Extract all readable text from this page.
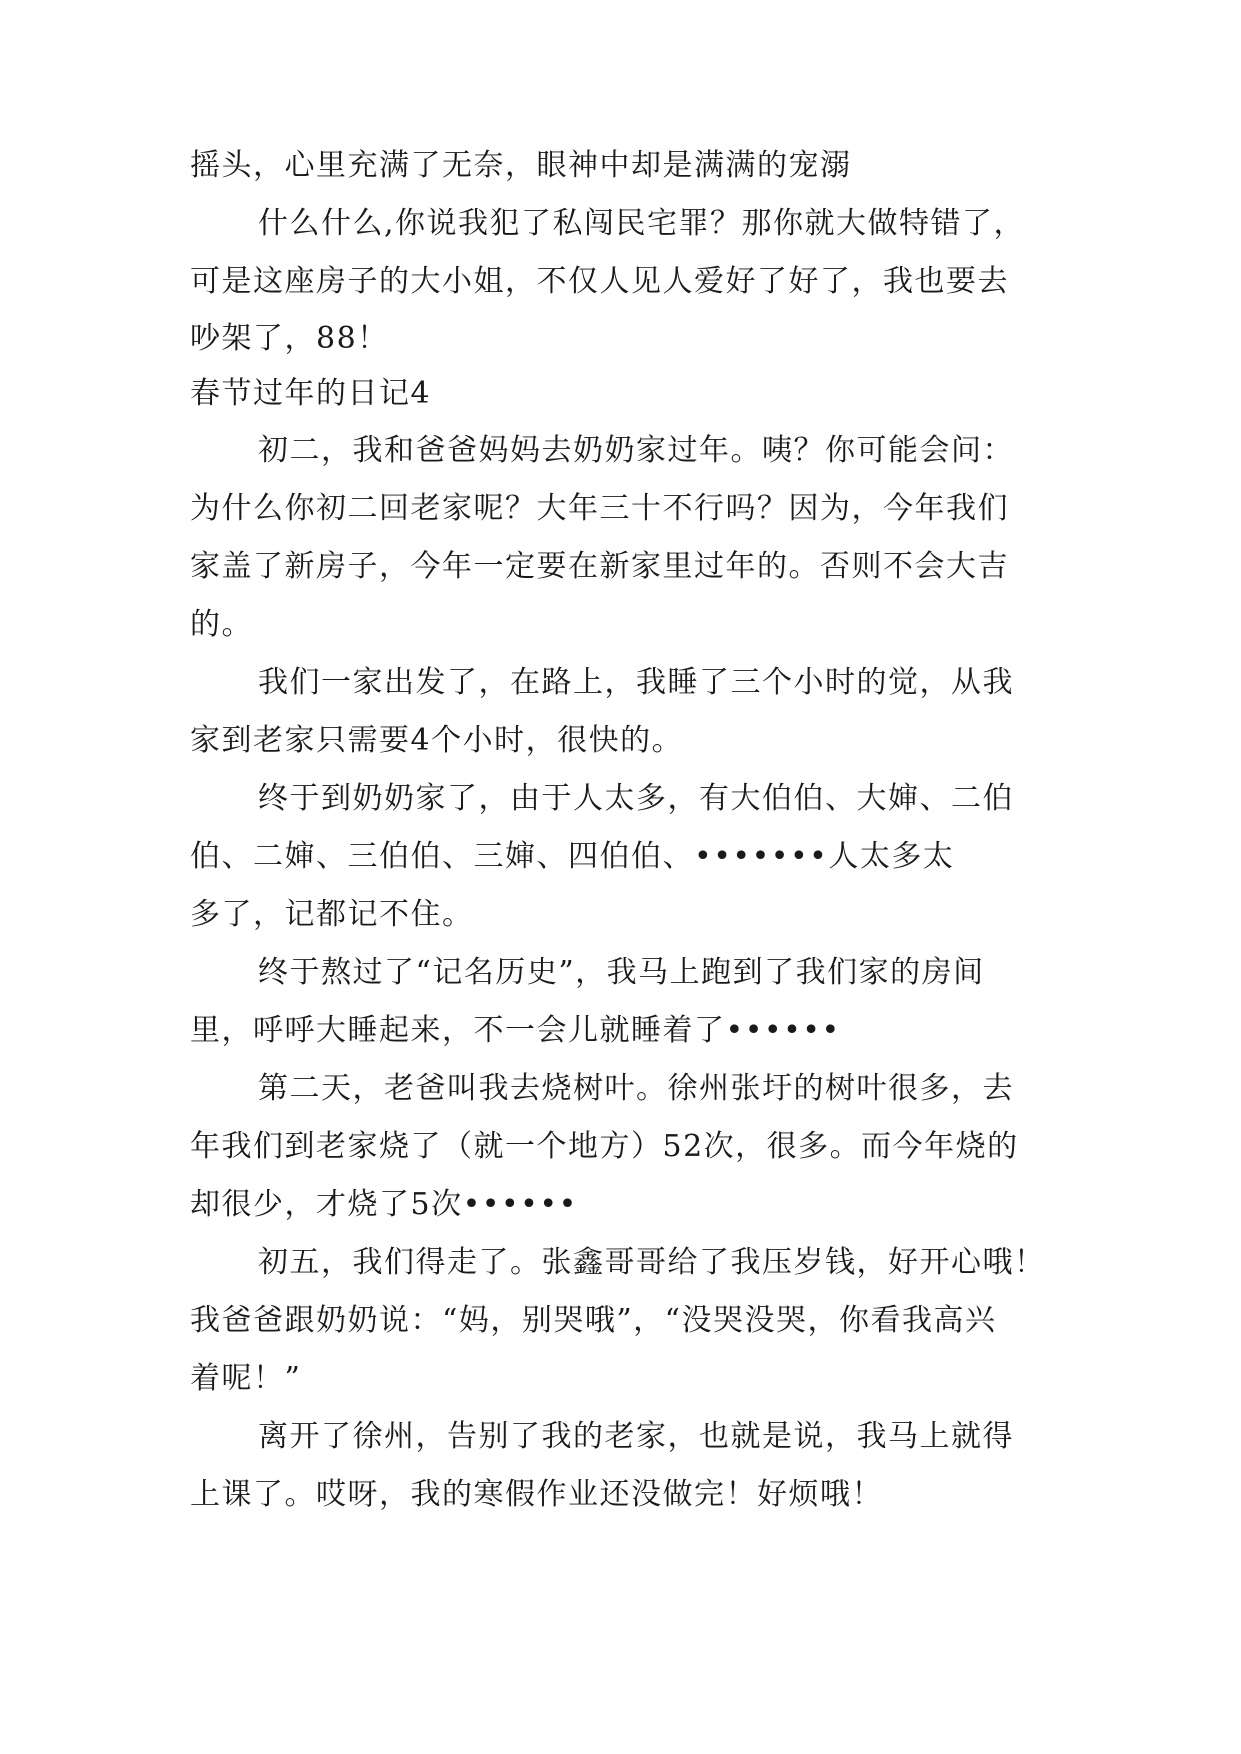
摇头，心里充满了无奈，眼神中却是满满的宠溺
什么什么,你说我犯了私闯民宅罪？那你就大做特错了，
可是这座房子的大小姐，不仅人见人爱好了好了，我也要去
吵架了，88！
春节过年的日记4
初二，我和爸爸妈妈去奶奶家过年。咦？你可能会问：
为什么你初二回老家呢？大年三十不行吗？因为，今年我们
家盖了新房子，今年一定要在新家里过年的。否则不会大吉
的。
我们一家出发了，在路上，我睡了三个小时的觉，从我
家到老家只需要4个小时，很快的。
终于到奶奶家了，由于人太多，有大伯伯、大婶、二伯
伯、二婶、三伯伯、三婶、四伯伯、•••••••人太多太
多了，记都记不住。
终于熬过了“记名历史”，我马上跑到了我们家的房间
里，呼呼大睡起来，不一会儿就睡着了••••••
第二天，老爸叫我去烧树叶。徐州张圩的树叶很多，去
年我们到老家烧了（就一个地方）52次，很多。而今年烧的
却很少，才烧了5次••••••
初五，我们得走了。张鑫哥哥给了我压岁钱，好开心哦！
我爸爸跟奶奶说：“妈，别哭哦”，“没哭没哭，你看我高兴
着呢！”
离开了徐州，告别了我的老家，也就是说，我马上就得
上课了。哎呀，我的寒假作业还没做完！好烦哦！
